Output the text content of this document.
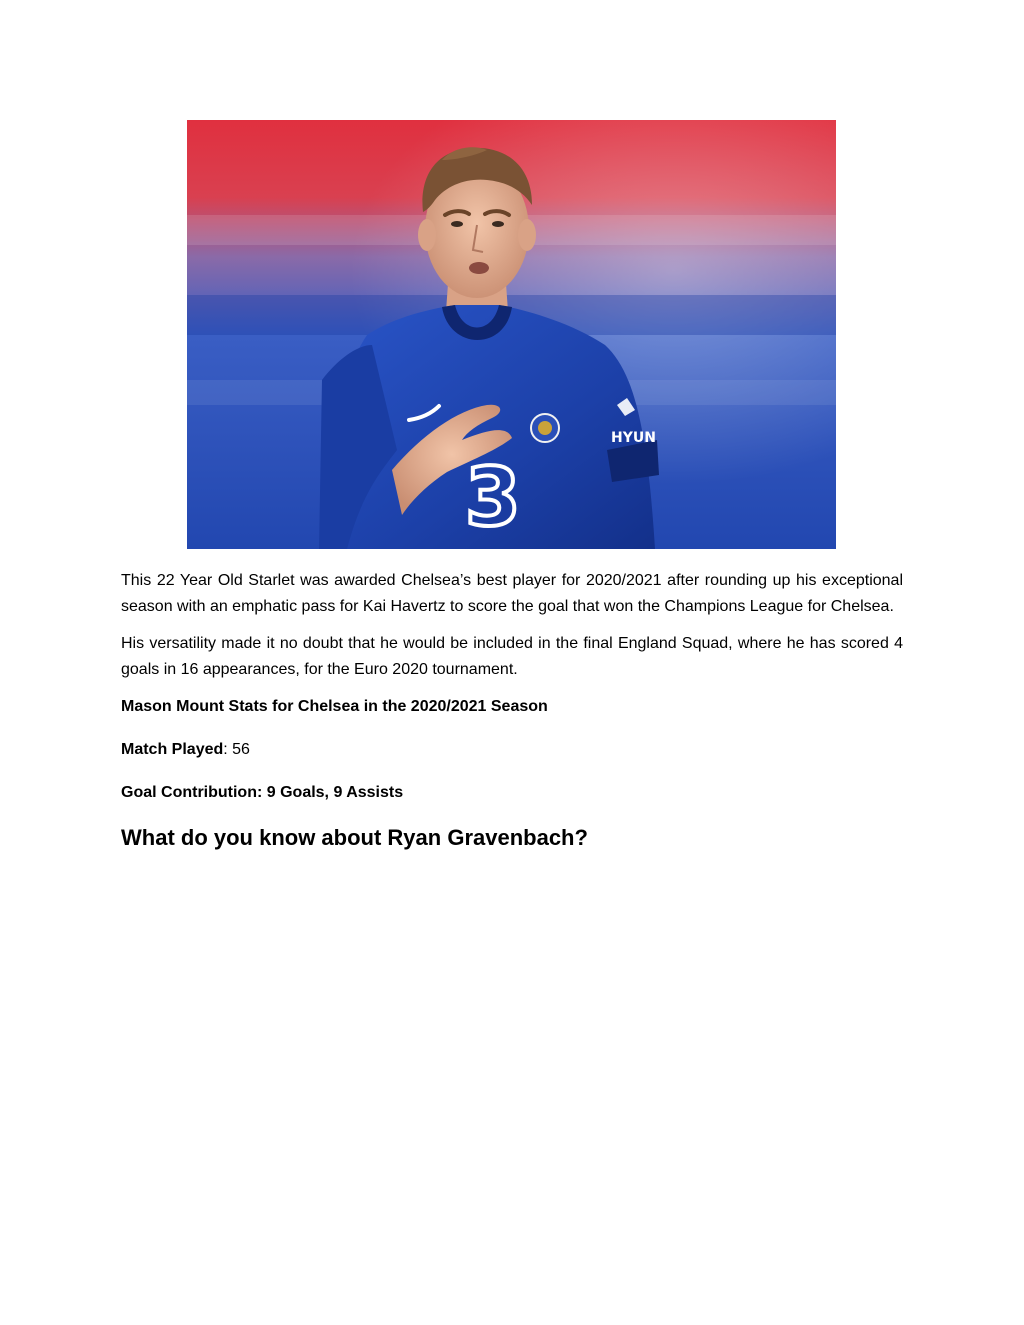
3
HYUN

This 22 Year Old Starlet was awarded Chelsea’s best player for 2020/2021 after rounding up his exceptional season with an emphatic pass for Kai Havertz to score the goal that won the Champions League for Chelsea.

His versatility made it no doubt that he would be included in the final England Squad, where he has scored 4 goals in 16 appearances, for the Euro 2020 tournament.

Mason Mount Stats for Chelsea in the 2020/2021 Season

Match Played: 56

Goal Contribution: 9 Goals, 9 Assists

What do you know about Ryan Gravenbach?
